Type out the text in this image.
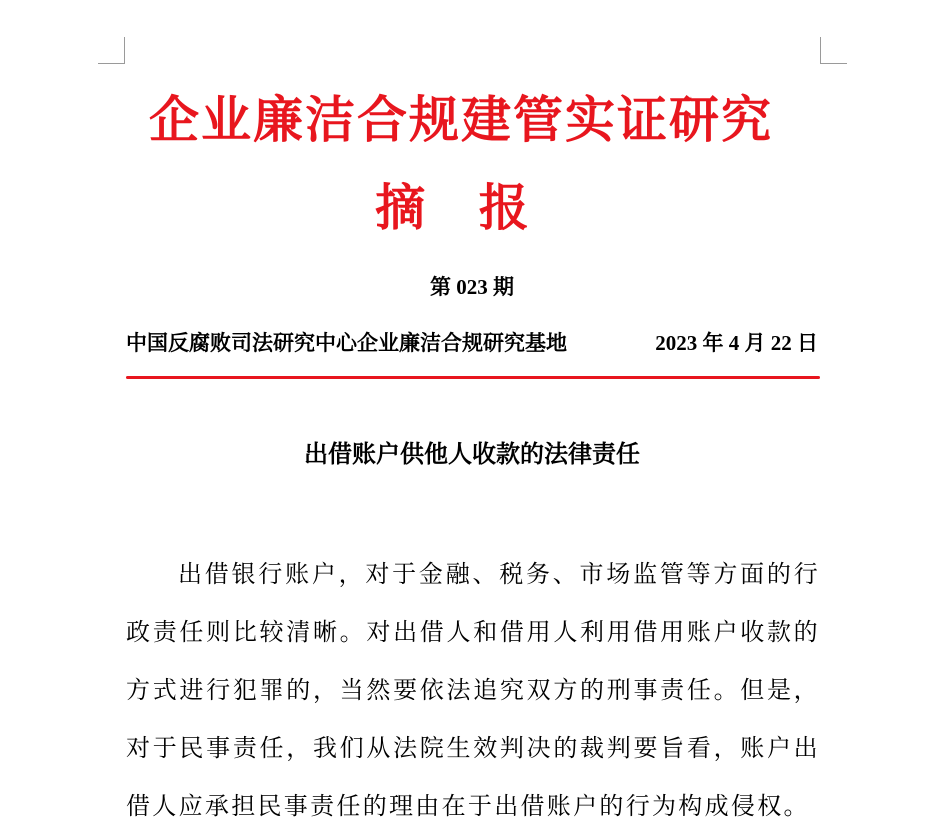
企业廉洁合规建管实证研究
摘 报
第 023 期
中国反腐败司法研究中心企业廉洁合规研究基地	2023 年 4 月 22 日
出借账户供他人收款的法律责任

出借银行账户，对于金融、税务、市场监管等方面的行政责任则比较清晰。对出借人和借用人利用借用账户收款的方式进行犯罪的，当然要依法追究双方的刑事责任。但是，对于民事责任，我们从法院生效判决的裁判要旨看，账户出借人应承担民事责任的理由在于出借账户的行为构成侵权。
